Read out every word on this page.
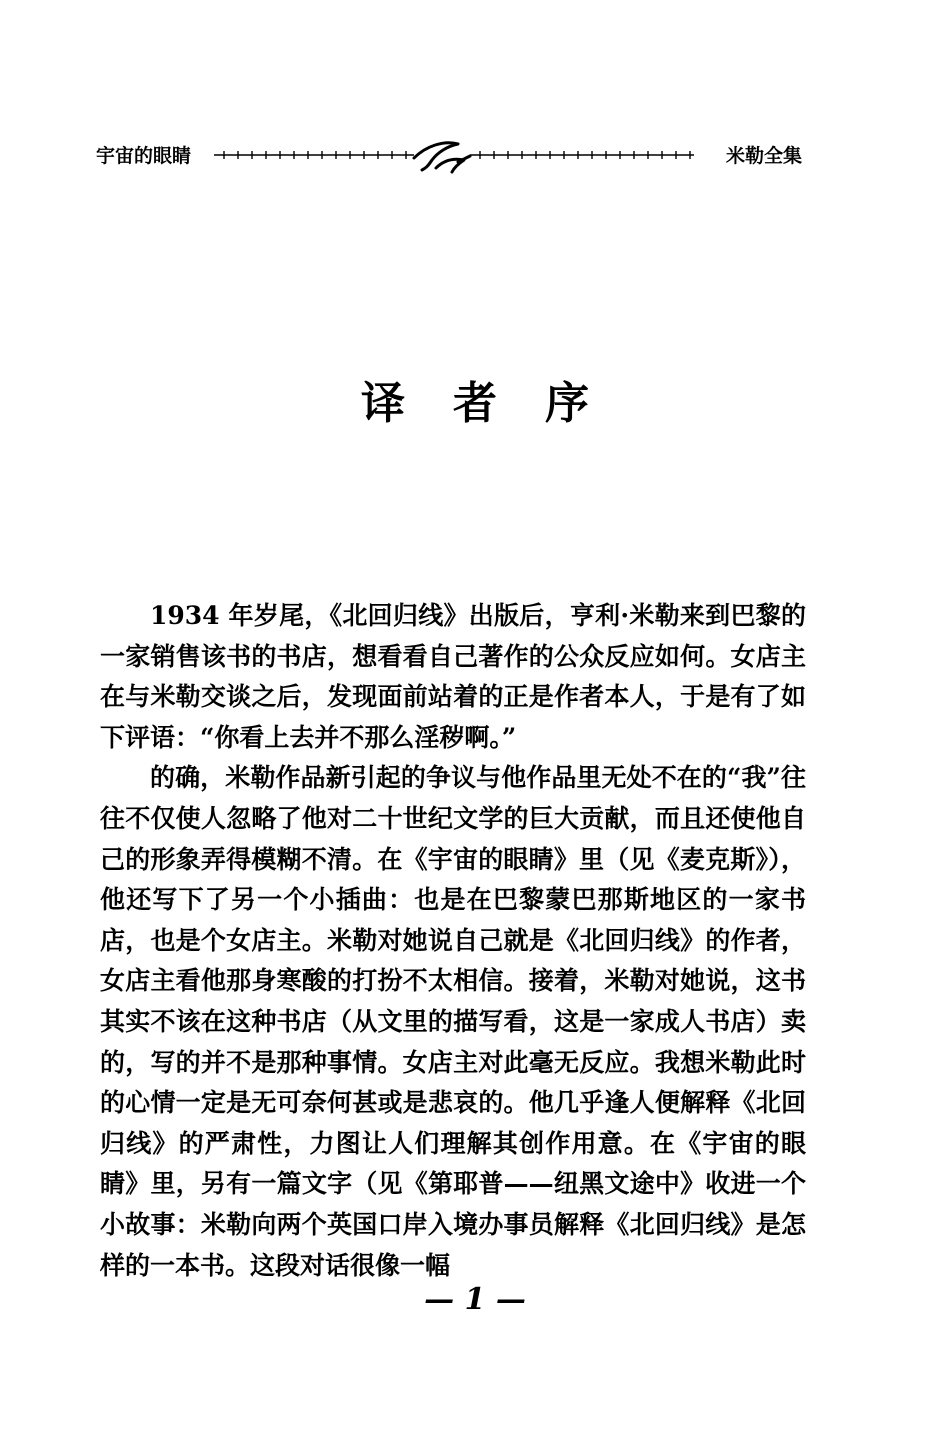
宇宙的眼睛	米勒全集
译者序

1934 年岁尾，《北回归线》出版后，亨利·米勒来到巴黎的一家销售该书的书店，想看看自己著作的公众反应如何。女店主在与米勒交谈之后，发现面前站着的正是作者本人，于是有了如下评语：“你看上去并不那么淫秽啊。”

的确，米勒作品新引起的争议与他作品里无处不在的“我”往往不仅使人忽略了他对二十世纪文学的巨大贡献，而且还使他自己的形象弄得模糊不清。在《宇宙的眼睛》里（见《麦克斯》），他还写下了另一个小插曲：也是在巴黎蒙巴那斯地区的一家书店，也是个女店主。米勒对她说自己就是《北回归线》的作者，女店主看他那身寒酸的打扮不太相信。接着，米勒对她说，这书其实不该在这种书店（从文里的描写看，这是一家成人书店）卖的，写的并不是那种事情。女店主对此毫无反应。我想米勒此时的心情一定是无可奈何甚或是悲哀的。他几乎逢人便解释《北回归线》的严肃性，力图让人们理解其创作用意。在《宇宙的眼睛》里，另有一篇文字（见《第耶普——纽黑文途中》收进一个小故事：米勒向两个英国口岸入境办事员解释《北回归线》是怎样的一本书。这段对话很像一幅

— 1 —
